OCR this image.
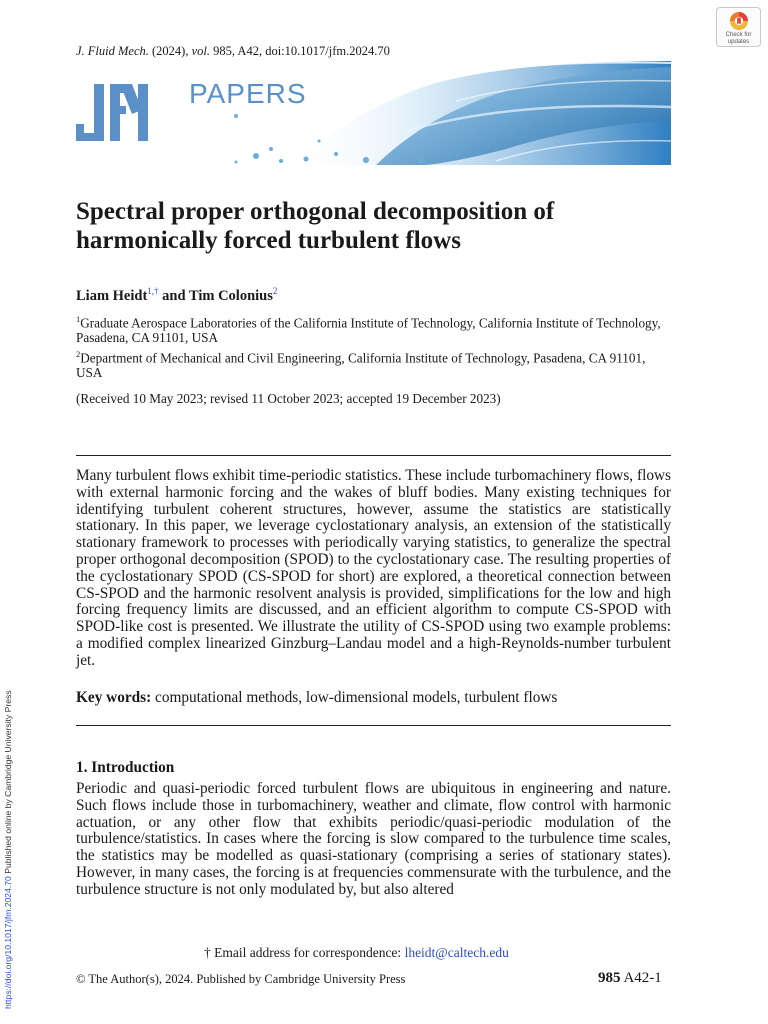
J. Fluid Mech. (2024), vol. 985, A42, doi:10.1017/jfm.2024.70
Check for
updates
PAPERS
Spectral proper orthogonal decomposition of harmonically forced turbulent flows
Liam Heidt$^{1,\dagger}$ and Tim Colonius$^2$
$^1$Graduate Aerospace Laboratories of the California Institute of Technology, California Institute of Technology, Pasadena, CA 91101, USA
$^2$Department of Mechanical and Civil Engineering, California Institute of Technology, Pasadena, CA 91101, USA
(Received 10 May 2023; revised 11 October 2023; accepted 19 December 2023)

Many turbulent flows exhibit time-periodic statistics. These include turbomachinery flows, flows with external harmonic forcing and the wakes of bluff bodies. Many existing techniques for identifying turbulent coherent structures, however, assume the statistics are statistically stationary. In this paper, we leverage cyclostationary analysis, an extension of the statistically stationary framework to processes with periodically varying statistics, to generalize the spectral proper orthogonal decomposition (SPOD) to the cyclostationary case. The resulting properties of the cyclostationary SPOD (CS-SPOD for short) are explored, a theoretical connection between CS-SPOD and the harmonic resolvent analysis is provided, simplifications for the low and high forcing frequency limits are discussed, and an efficient algorithm to compute CS-SPOD with SPOD-like cost is presented. We illustrate the utility of CS-SPOD using two example problems: a modified complex linearized Ginzburg–Landau model and a high-Reynolds-number turbulent jet.

Key words: computational methods, low-dimensional models, turbulent flows
1. Introduction

Periodic and quasi-periodic forced turbulent flows are ubiquitous in engineering and nature. Such flows include those in turbomachinery, weather and climate, flow control with harmonic actuation, or any other flow that exhibits periodic/quasi-periodic modulation of the turbulence/statistics. In cases where the forcing is slow compared to the turbulence time scales, the statistics may be modelled as quasi-stationary (comprising a series of stationary states). However, in many cases, the forcing is at frequencies commensurate with the turbulence, and the turbulence structure is not only modulated by, but also altered

† Email address for correspondence: lheidt@caltech.edu
© The Author(s), 2024. Published by Cambridge University Press	985 A42-1
https://doi.org/10.1017/jfm.2024.70 Published online by Cambridge University Press
